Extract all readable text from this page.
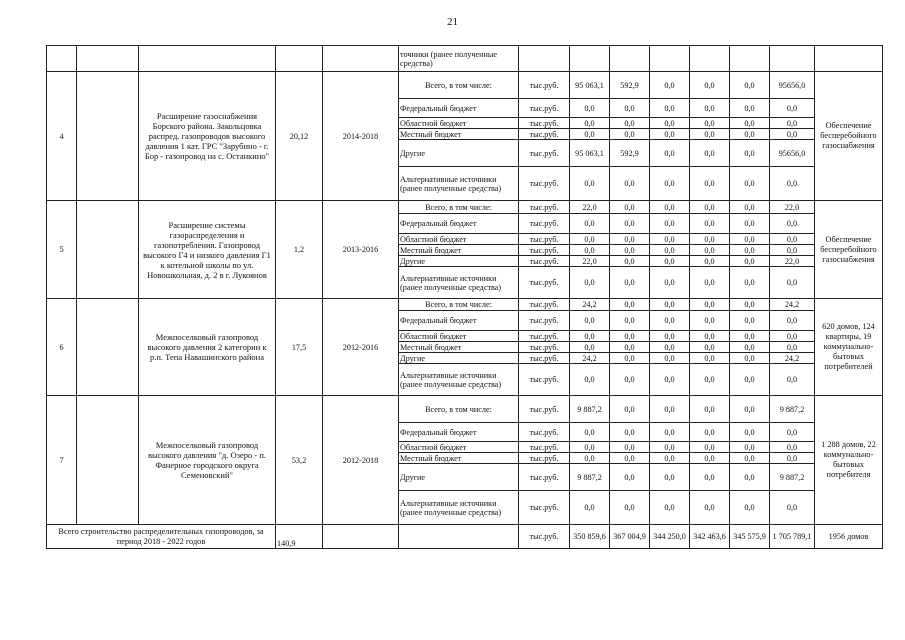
21
					точники (ранее полученные средства)								
4		Расширение газоснабжения Борского района. Закольцовка распред. газопроводов высокого давления 1 кат. ГРС "Зарубино - г. Бор - газопровод на с. Останкино"	20,12	2014-2018	Всего, в том числе:	тыс.руб.	95 063,1	592,9	0,0	0,0	0,0	95656,0	Обеспечение бесперебойного газоснабжения
					Федеральный бюджет	тыс.руб.	0,0	0,0	0,0	0,0	0,0	0,0	
					Областной бюджет	тыс.руб.	0,0	0,0	0,0	0,0	0,0	0,0	
					Местный бюджет	тыс.руб.	0,0	0,0	0,0	0,0	0,0	0,0	
					Другие	тыс.руб.	95 063,1	592,9	0,0	0,0	0,0	95656,0	
					Альтернативные источники (ранее полученные средства)	тыс.руб.	0,0	0,0	0,0	0,0	0,0	0,0	
5		Расширение системы газораспределения и газопотребления. Газопровод высокого Г4 и низкого давления Г1 к котельной школы по ул. Новошкольная, д. 2 в г. Лукоянов	1,2	2013-2016	Всего, в том числе:	тыс.руб.	22,0	0,0	0,0	0,0	0,0	22,0	Обеспечение бесперебойного газоснабжения
					Федеральный бюджет	тыс.руб.	0,0	0,0	0,0	0,0	0,0	0,0	
					Областной бюджет	тыс.руб.	0,0	0,0	0,0	0,0	0,0	0,0	
					Местный бюджет	тыс.руб.	0,0	0,0	0,0	0,0	0,0	0,0	
					Другие	тыс.руб.	22,0	0,0	0,0	0,0	0,0	22,0	
					Альтернативные источники (ранее полученные средства)	тыс.руб.	0,0	0,0	0,0	0,0	0,0	0,0	
6		Межпоселковый газопровод высокого давления 2 категории к р.п. Тепа Навашинского района	17,5	2012-2016	Всего, в том числе:	тыс.руб.	24,2	0,0	0,0	0,0	0,0	24,2	620 домов, 124 квартиры, 19 коммунально-бытовых потребителей
					Федеральный бюджет	тыс.руб.	0,0	0,0	0,0	0,0	0,0	0,0	
					Областной бюджет	тыс.руб.	0,0	0,0	0,0	0,0	0,0	0,0	
					Местный бюджет	тыс.руб.	0,0	0,0	0,0	0,0	0,0	0,0	
					Другие	тыс.руб.	24,2	0,0	0,0	0,0	0,0	24,2	
					Альтернативные источники (ранее полученные средства)	тыс.руб.	0,0	0,0	0,0	0,0	0,0	0,0	
7		Межпоселковый газопровод высокого давления "д. Озеро - п. Фанерное городского округа Семеновский"	53,2	2012-2018	Всего, в том числе:	тыс.руб.	9 887,2	0,0	0,0	0,0	0,0	9 887,2	1 288 домов, 22 коммунально-бытовых потребителя
					Федеральный бюджет	тыс.руб.	0,0	0,0	0,0	0,0	0,0	0,0	
					Областной бюджет	тыс.руб.	0,0	0,0	0,0	0,0	0,0	0,0	
					Местный бюджет	тыс.руб.	0,0	0,0	0,0	0,0	0,0	0,0	
					Другие	тыс.руб.	9 887,2	0,0	0,0	0,0	0,0	9 887,2	
					Альтернативные источники (ранее полученные средства)	тыс.руб.	0,0	0,0	0,0	0,0	0,0	0,0	
Всего строительство распределительных газопроводов, за период 2018 - 2022 годов			140,9			тыс.руб.	350 859,6	367 004,9	344 250,0	342 463,6	345 575,9	1 705 789,1	1956 домов
